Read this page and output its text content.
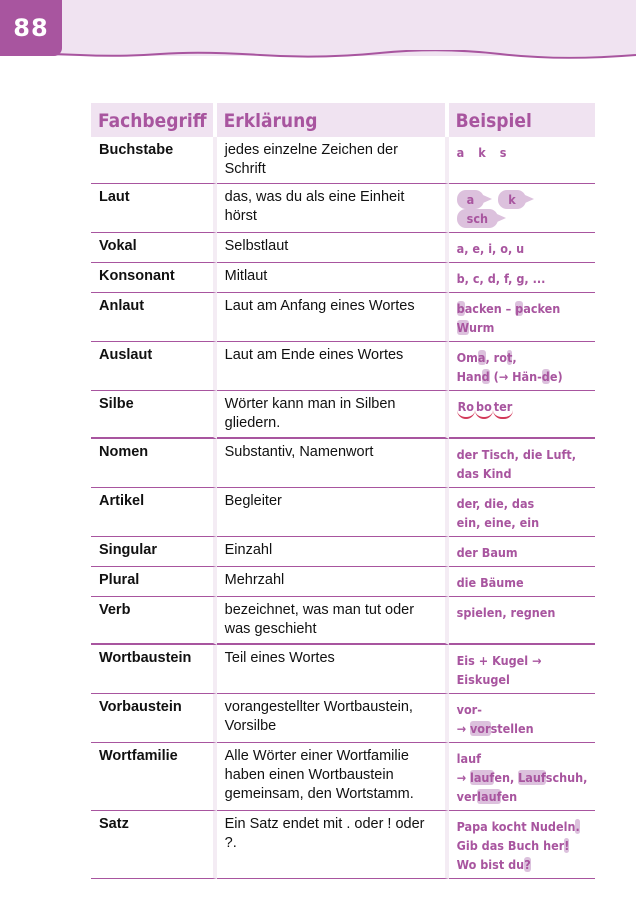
88
Fachbegriff	Erklärung	Beispiel
Buchstabe	jedes einzelne Zeichen der Schrift	a k s

Laut	das, was du als eine Einheit hörst	a ksch

Vokal	Selbstlaut	a, e, i, o, u

Konsonant	Mitlaut	b, c, d, f, g, ...

Anlaut	Laut am Anfang eines Wortes	backen – packen
Wurm

Auslaut	Laut am Ende eines Wortes	Oma, rot,
Hand (→ Hän-de)

Silbe	Wörter kann man in Silben gliedern.	Ro bo ter

Nomen	Substantiv, Namenwort	der Tisch, die Luft,
das Kind

Artikel	Begleiter	der, die, das
ein, eine, ein

Singular	Einzahl	der Baum

Plural	Mehrzahl	die Bäume

Verb	bezeichnet, was man tut oder was geschieht	spielen, regnen

Wortbaustein	Teil eines Wortes	Eis + Kugel → Eiskugel

Vorbaustein	vorangestellter Wortbaustein, Vorsilbe	vor-
→ vorstellen

Wortfamilie	Alle Wörter einer Wortfamilie haben einen Wortbaustein gemeinsam, den Wortstamm.	lauf
→ laufen, Laufschuh,
verlaufen

Satz	Ein Satz endet mit . oder ! oder ?.	Papa kocht Nudeln.
Gib das Buch her!
Wo bist du?
